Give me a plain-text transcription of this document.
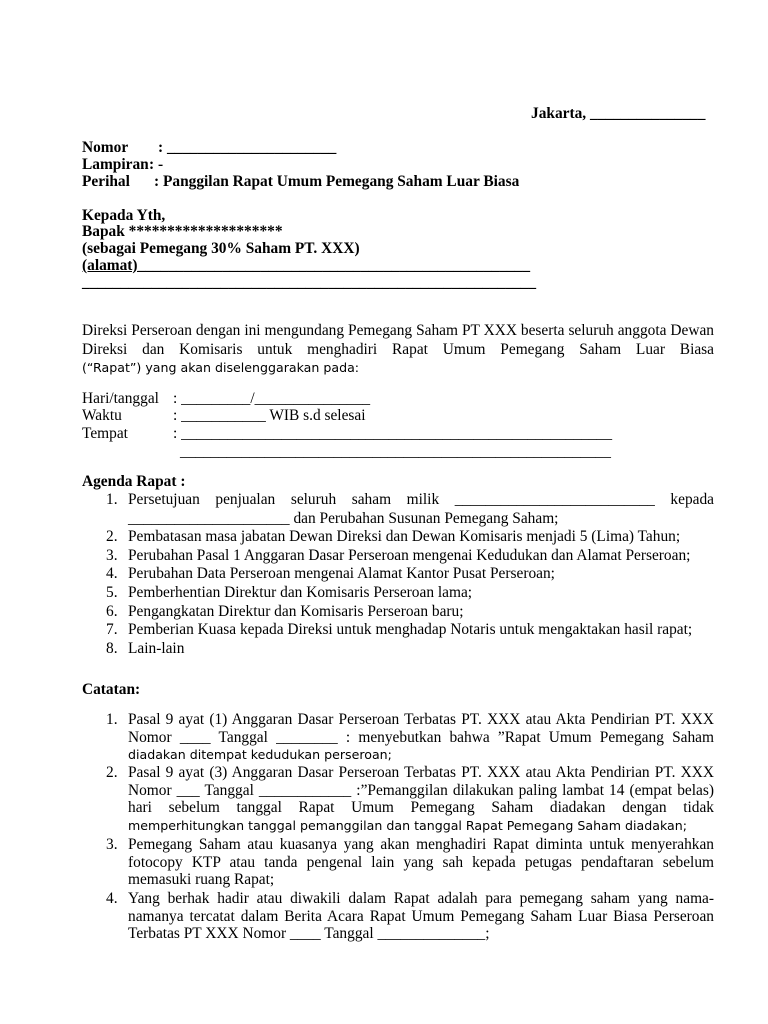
Jakarta, _______________
Nomor : ______________________
Lampiran: -
Perihal : Panggilan Rapat Umum Pemegang Saham Luar Biasa
Kepada Yth,
Bapak ********************
(sebagai Pemegang 30% Saham PT. XXX)
(alamat)___________________________________________________
___________________________________________________________
Direksi Perseroan dengan ini mengundang Pemegang Saham PT XXX beserta seluruh anggota Dewan Direksi dan Komisaris untuk menghadiri Rapat Umum Pemegang Saham Luar Biasa
(“Rapat”) yang akan diselenggarakan pada:
Hari/tanggal : _________/_______________
Waktu	: ___________ WIB s.d selesai
Tempat	: ________________________________________________________
________________________________________________________
Agenda Rapat :
1. Persetujuan penjualan seluruh saham milik __________________________ kepada
_____________________ dan Perubahan Susunan Pemegang Saham;
2. Pembatasan masa jabatan Dewan Direksi dan Dewan Komisaris menjadi 5 (Lima) Tahun;
3. Perubahan Pasal 1 Anggaran Dasar Perseroan mengenai Kedudukan dan Alamat Perseroan;
4. Perubahan Data Perseroan mengenai Alamat Kantor Pusat Perseroan;
5. Pemberhentian Direktur dan Komisaris Perseroan lama;
6. Pengangkatan Direktur dan Komisaris Perseroan baru;
7. Pemberian Kuasa kepada Direksi untuk menghadap Notaris untuk mengaktakan hasil rapat;
8. Lain-lain
Catatan:
1. Pasal 9 ayat (1) Anggaran Dasar Perseroan Terbatas PT. XXX atau Akta Pendirian PT. XXX Nomor ____ Tanggal ________ : menyebutkan bahwa ”Rapat Umum Pemegang Saham
diadakan ditempat kedudukan perseroan;
2. Pasal 9 ayat (3) Anggaran Dasar Perseroan Terbatas PT. XXX atau Akta Pendirian PT. XXX Nomor ___ Tanggal ____________ :”Pemanggilan dilakukan paling lambat 14 (empat belas) hari sebelum tanggal Rapat Umum Pemegang Saham diadakan dengan tidak
memperhitungkan tanggal pemanggilan dan tanggal Rapat Pemegang Saham diadakan;
3. Pemegang Saham atau kuasanya yang akan menghadiri Rapat diminta untuk menyerahkan fotocopy KTP atau tanda pengenal lain yang sah kepada petugas pendaftaran sebelum
memasuki ruang Rapat;
4. Yang berhak hadir atau diwakili dalam Rapat adalah para pemegang saham yang nama-namanya tercatat dalam Berita Acara Rapat Umum Pemegang Saham Luar Biasa Perseroan
Terbatas PT XXX Nomor ____ Tanggal ______________;
